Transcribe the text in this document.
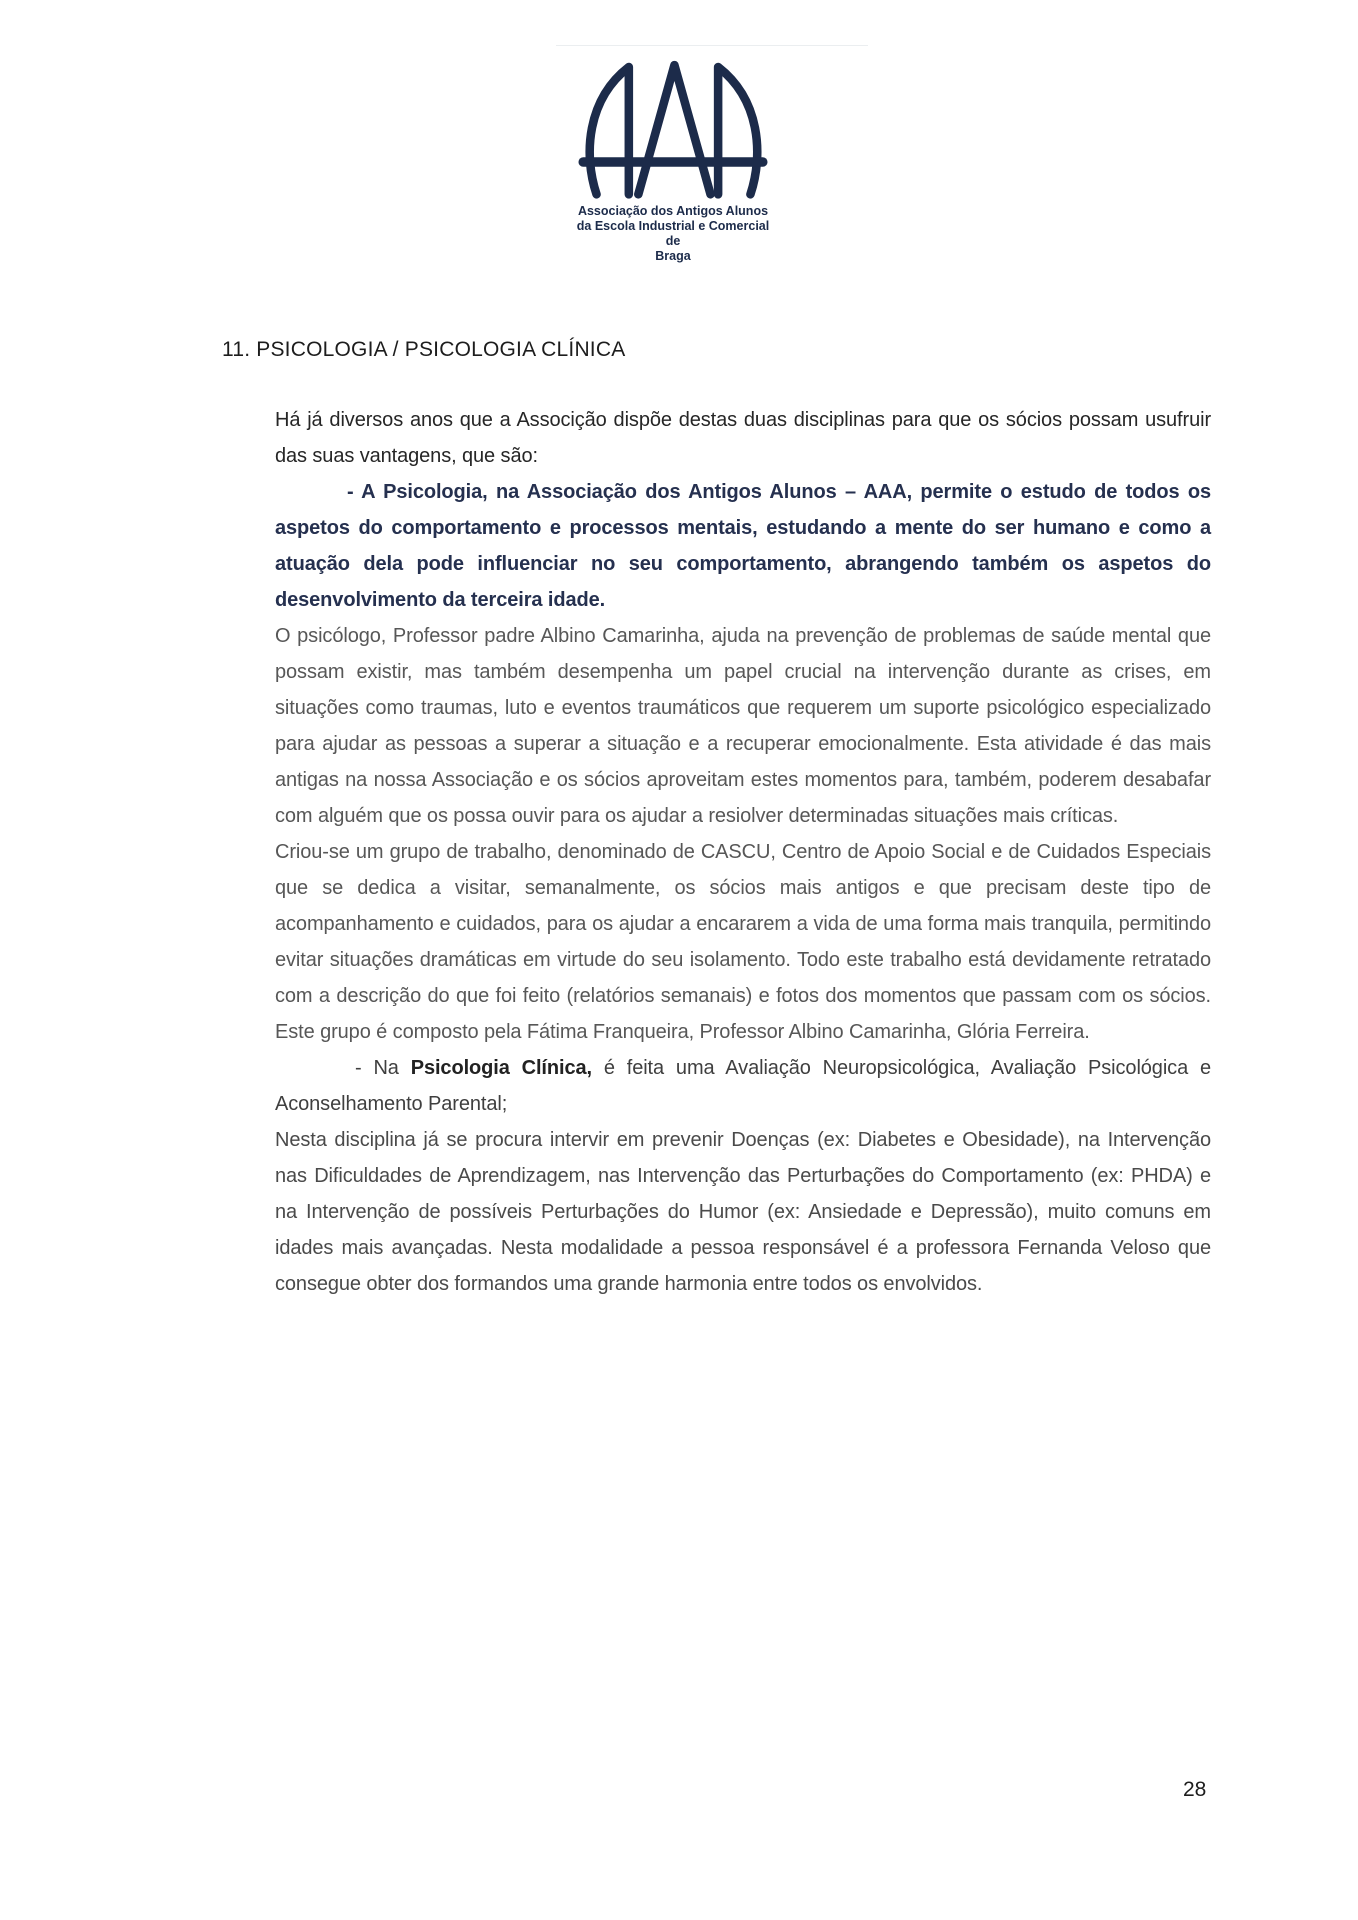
Associação dos Antigos Alunos
da Escola Industrial e Comercial
de
Braga
11. PSICOLOGIA / PSICOLOGIA CLÍNICA

Há já diversos anos que a Associção dispõe destas duas disciplinas para que os sócios possam usufruir das suas vantagens, que são:

- A Psicologia, na Associação dos Antigos Alunos – AAA, permite o estudo de todos os aspetos do comportamento e processos mentais, estudando a mente do ser humano e como a atuação dela pode influenciar no seu comportamento, abrangendo também os aspetos do desenvolvimento da terceira idade.

O psicólogo, Professor padre Albino Camarinha, ajuda na prevenção de problemas de saúde mental que possam existir, mas também desempenha um papel crucial na intervenção durante as crises, em situações como traumas, luto e eventos traumáticos que requerem um suporte psicológico especializado para ajudar as pessoas a superar a situação e a recuperar emocionalmente. Esta atividade é das mais antigas na nossa Associação e os sócios aproveitam estes momentos para, também, poderem desabafar com alguém que os possa ouvir para os ajudar a resiolver determinadas situações mais críticas.

Criou-se um grupo de trabalho, denominado de CASCU, Centro de Apoio Social e de Cuidados Especiais que se dedica a visitar, semanalmente, os sócios mais antigos e que precisam deste tipo de acompanhamento e cuidados, para os ajudar a encararem a vida de uma forma mais tranquila, permitindo evitar situações dramáticas em virtude do seu isolamento. Todo este trabalho está devidamente retratado com a descrição do que foi feito (relatórios semanais) e fotos dos momentos que passam com os sócios. Este grupo é composto pela Fátima Franqueira, Professor Albino Camarinha, Glória Ferreira.

- Na Psicologia Clínica, é feita uma Avaliação Neuropsicológica, Avaliação Psicológica e Aconselhamento Parental;

Nesta disciplina já se procura intervir em prevenir Doenças (ex: Diabetes e Obesidade), na Intervenção nas Dificuldades de Aprendizagem, nas Intervenção das Perturbações do Comportamento (ex: PHDA) e na Intervenção de possíveis Perturbações do Humor (ex: Ansiedade e Depressão), muito comuns em idades mais avançadas. Nesta modalidade a pessoa responsável é a professora Fernanda Veloso que consegue obter dos formandos uma grande harmonia entre todos os envolvidos.

28
